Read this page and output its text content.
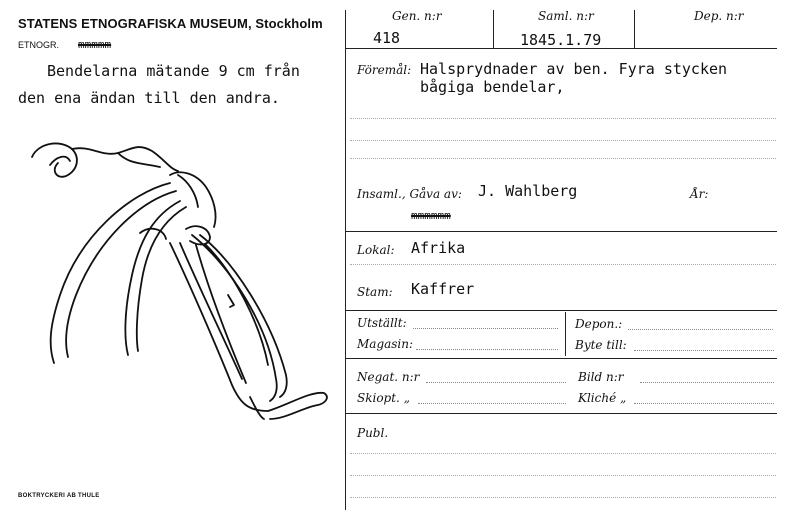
STATENS ETNOGRAFISKA MUSEUM, Stockholm
ETNOGR. mmmmm
Bendelarna mätande 9 cm från
den ena ändan till den andra.
BOKTRYCKERI AB THULE
Gen. n:r	Saml. n:r	Dep. n:r
418	1845.1.79
Föremål: Halsprydnader av ben. Fyra stycken
bågiga bendelar,
Insaml., Gåva av: J. Wahlberg	År:
mmmmmm
Lokal: Afrika
Stam: Kaffrer
Utställt:	Depon.:
Magasin:	Byte till:
Negat. n:r	Bild n:r
Skiopt. „	Kliché „
Publ.
